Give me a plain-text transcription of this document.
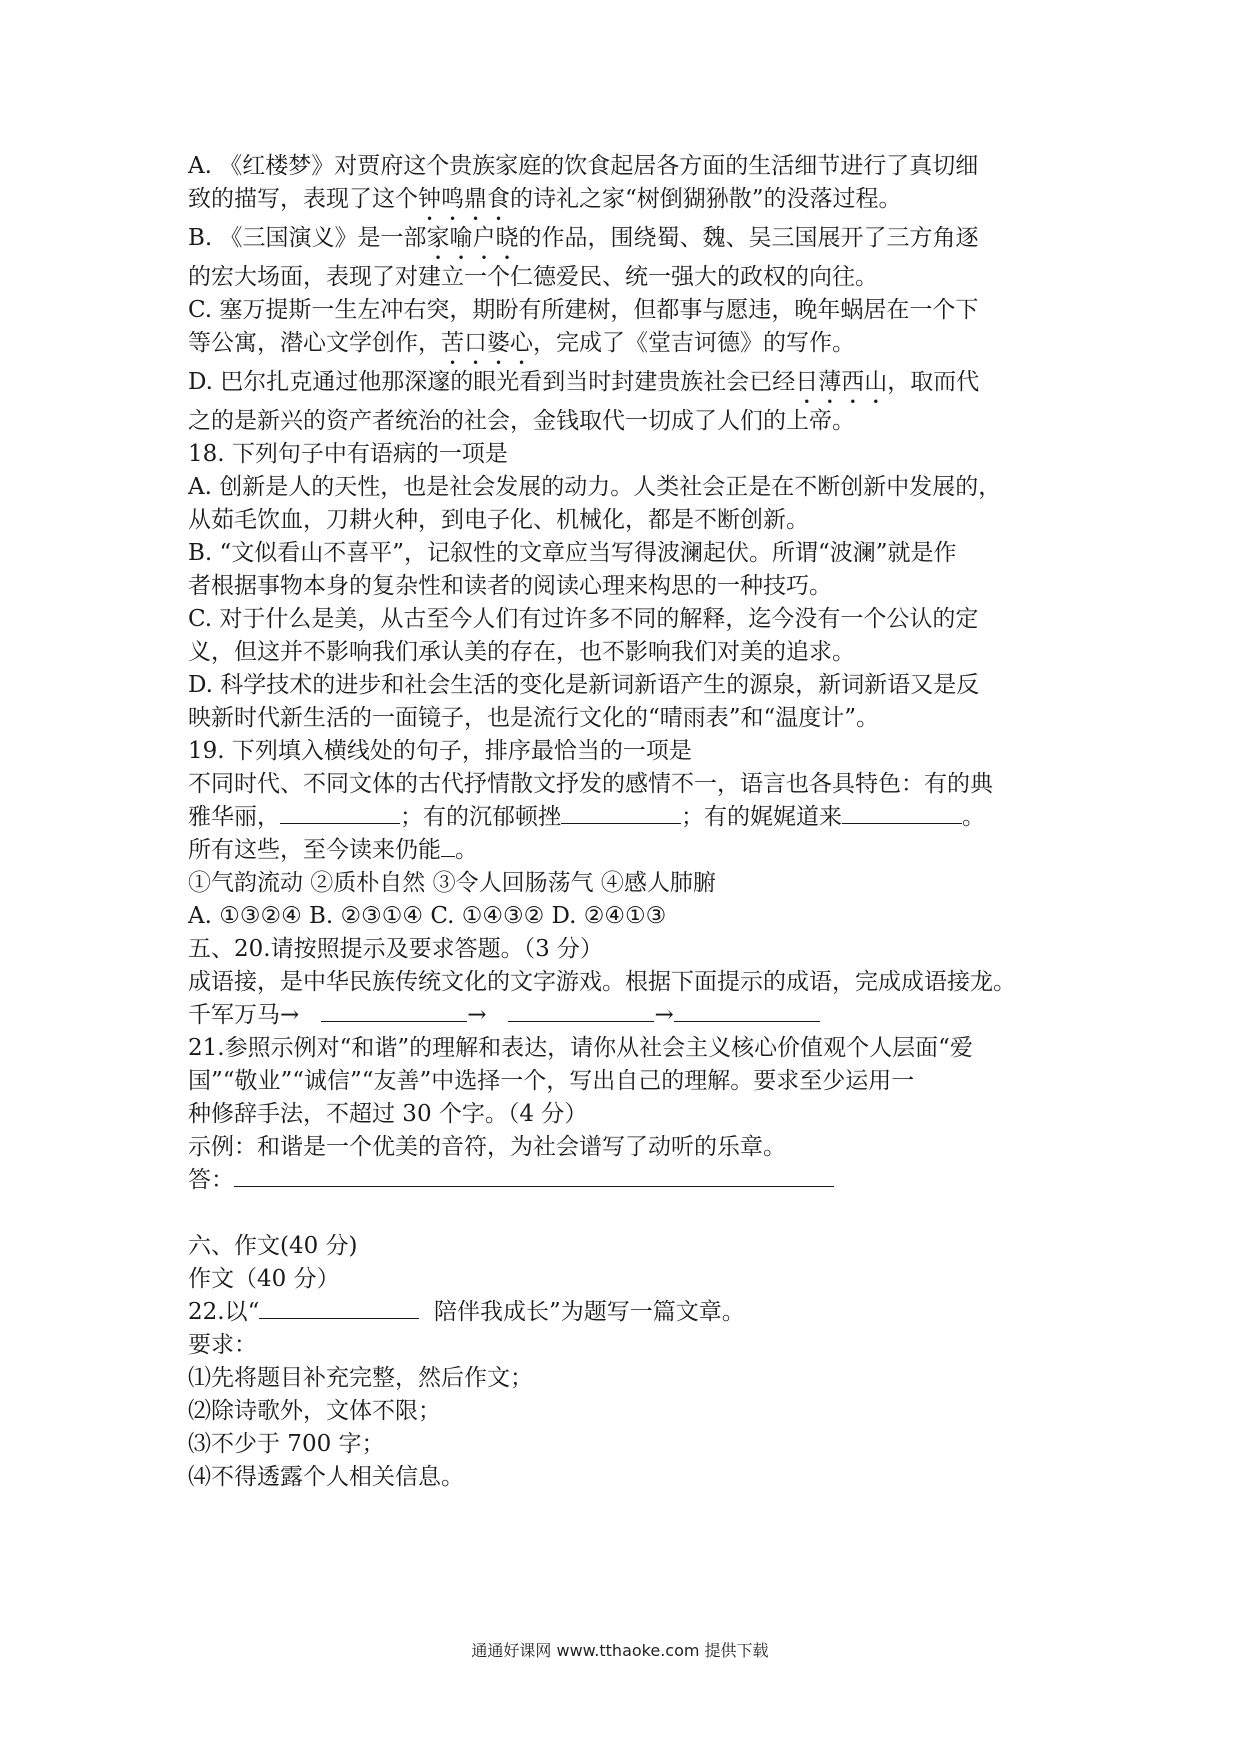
A. 《红楼梦》对贾府这个贵族家庭的饮食起居各方面的生活细节进行了真切细
致的描写，表现了这个钟鸣鼎食的诗礼之家“树倒猢狲散”的没落过程。
B. 《三国演义》是一部家喻户晓的作品，围绕蜀、魏、吴三国展开了三方角逐
的宏大场面，表现了对建立一个仁德爱民、统一强大的政权的向往。
C. 塞万提斯一生左冲右突，期盼有所建树，但都事与愿违，晚年蜗居在一个下
等公寓，潜心文学创作，苦口婆心，完成了《堂吉诃德》的写作。
D. 巴尔扎克通过他那深邃的眼光看到当时封建贵族社会已经日薄西山，取而代
之的是新兴的资产者统治的社会，金钱取代一切成了人们的上帝。
18. 下列句子中有语病的一项是
A. 创新是人的天性，也是社会发展的动力。人类社会正是在不断创新中发展的，
从茹毛饮血，刀耕火种，到电子化、机械化，都是不断创新。
B. “文似看山不喜平”，记叙性的文章应当写得波澜起伏。所谓“波澜”就是作
者根据事物本身的复杂性和读者的阅读心理来构思的一种技巧。
C. 对于什么是美，从古至今人们有过许多不同的解释，迄今没有一个公认的定
义，但这并不影响我们承认美的存在，也不影响我们对美的追求。
D. 科学技术的进步和社会生活的变化是新词新语产生的源泉，新词新语又是反
映新时代新生活的一面镜子，也是流行文化的“晴雨表”和“温度计”。
19. 下列填入横线处的句子，排序最恰当的一项是
不同时代、不同文体的古代抒情散文抒发的感情不一，语言也各具特色：有的典
雅华丽，	；有的沉郁顿挫	；有的娓娓道来	。
所有这些，至今读来仍能 。
①气韵流动 ②质朴自然 ③令人回肠荡气 ④感人肺腑
A. ①③②④ B. ②③①④ C. ①④③② D. ②④①③
五、20.请按照提示及要求答题。（3 分）
成语接，是中华民族传统文化的文字游戏。根据下面提示的成语，完成成语接龙。
千军万马→	→	→
21.参照示例对“和谐”的理解和表达，请你从社会主义核心价值观个人层面“爱
国”“敬业”“诚信”“友善”中选择一个，写出自己的理解。要求至少运用一
种修辞手法，不超过 30 个字。（4 分）
示例：和谐是一个优美的音符，为社会谱写了动听的乐章。
答：
六、作文(40 分)
作文（40 分）
22.以“	陪伴我成长”为题写一篇文章。
要求：
⑴先将题目补充完整，然后作文；
⑵除诗歌外，文体不限；
⑶不少于 700 字；
⑷不得透露个人相关信息。
通通好课网 www.tthaoke.com 提供下载
